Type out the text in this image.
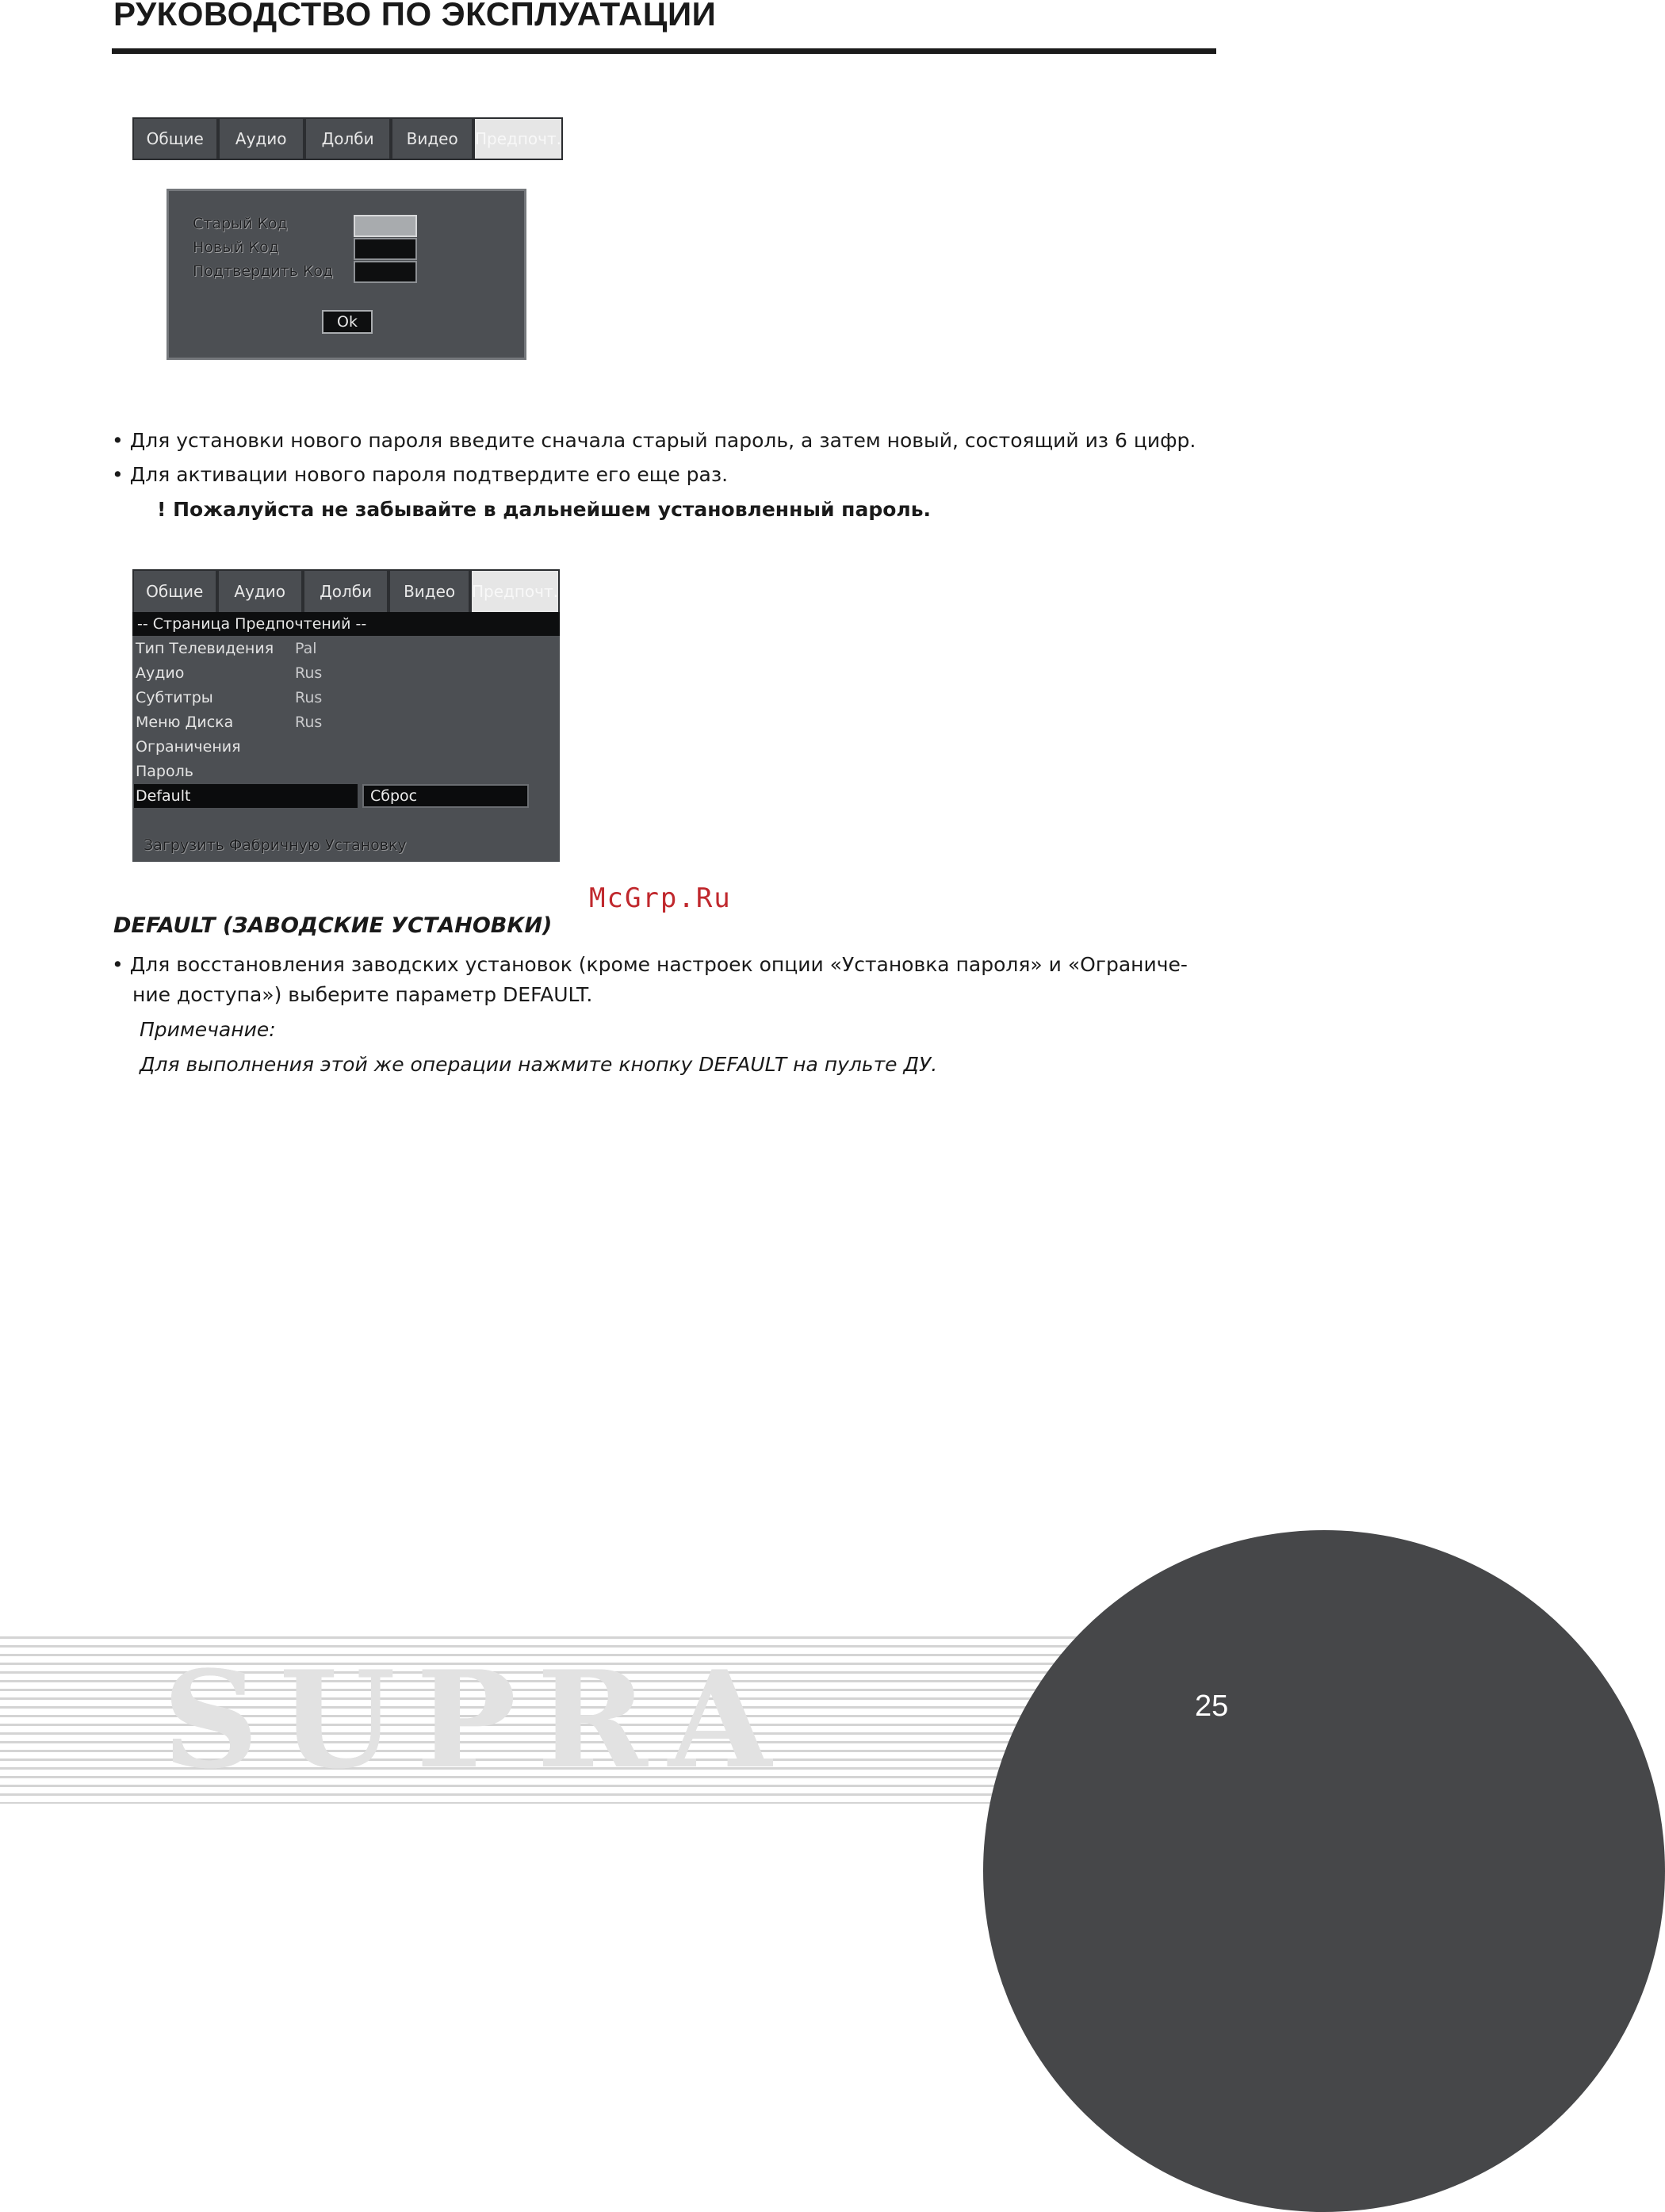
РУКОВОДСТВО ПО ЭКСПЛУАТАЦИИ
Общие	Аудио	Долби	Видео	Предпочт.
Старый Код
Новый Код
Подтвердить Код
Ok
• Для установки нового пароля введите сначала старый пароль, а затем новый, состоящий из 6 цифр.
• Для активации нового пароля подтвердите его еще раз.
! Пожалуйста не забывайте в дальнейшем установленный пароль.
Общие	Аудио	Долби	Видео	Предпочт.
-- Страница Предпочтений --
Тип Телевидения Pal
Аудио	Rus
Субтитры	Rus
Меню Диска	Rus
Ограничения
Пароль
Default	Сброс
Загрузить Фабричную Установку
McGrp.Ru
DEFAULT (ЗАВОДСКИЕ УСТАНОВКИ)
• Для восстановления заводских установок (кроме настроек опции «Установка пароля» и «Ограниче-
ние доступа») выберите параметр DEFAULT.
Примечание:
Для выполнения этой же операции нажмите кнопку DEFAULT на пульте ДУ.
SUPRA	25
